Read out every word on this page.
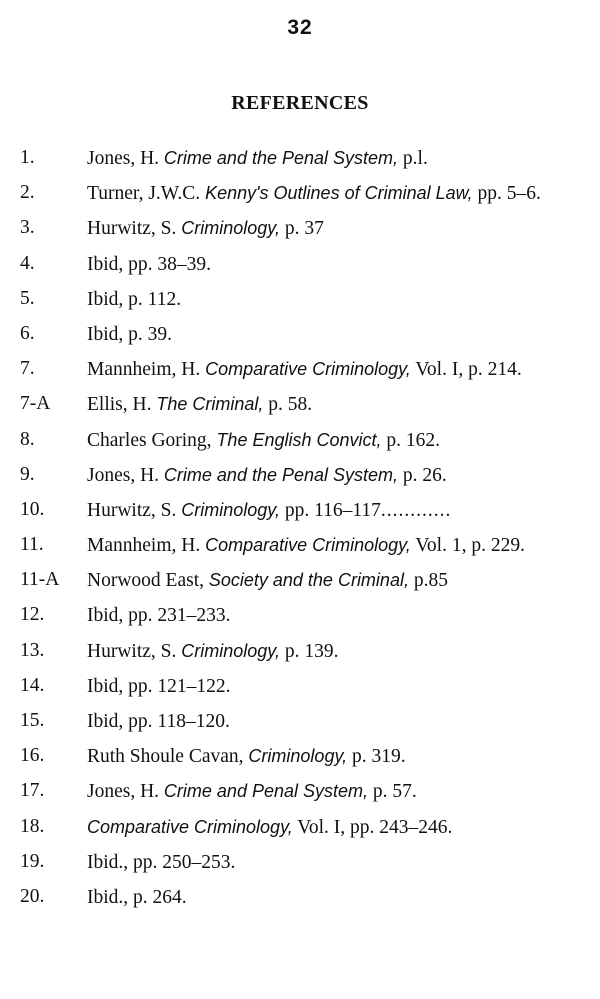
32
REFERENCES
1.	Jones, H. Crime and the Penal System, p.l.
2.	Turner, J.W.C. Kenny's Outlines of Criminal Law, pp. 5–6.
3.	Hurwitz, S. Criminology, p. 37
4.	Ibid, pp. 38–39.
5.	Ibid, p. 112.
6.	Ibid, p. 39.
7.	Mannheim, H. Comparative Criminology, Vol. I, p. 214.
7-A	Ellis, H. The Criminal, p. 58.
8.	Charles Goring, The English Convict, p. 162.
9.	Jones, H. Crime and the Penal System, p. 26.
10.	Hurwitz, S. Criminology, pp. 116–117............
11.	Mannheim, H. Comparative Criminology, Vol. 1, p. 229.
11-A	Norwood East, Society and the Criminal, p.85
12.	Ibid, pp. 231–233.
13.	Hurwitz, S. Criminology, p. 139.
14.	Ibid, pp. 121–122.
15.	Ibid, pp. 118–120.
16.	Ruth Shoule Cavan, Criminology, p. 319.
17.	Jones, H. Crime and Penal System, p. 57.
18.	Comparative Criminology, Vol. I, pp. 243–246.
19.	Ibid., pp. 250–253.
20.	Ibid., p. 264.
